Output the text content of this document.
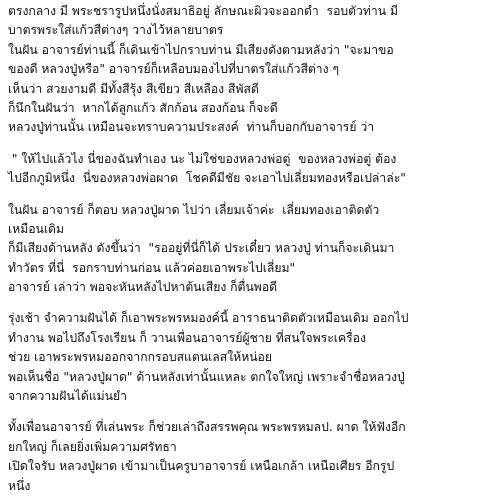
ตรงกลาง มี พระชรารูปหนึ่งนั่งสมาธิอยู่ ลักษณะผิวจะออกดำ  รอบตัวท่าน มี
บาตรพระใส่แก้วสีต่างๆ วางไว้หลายบาตร
ในฝัน อาจารย์ท่านนี้ ก็เดินเข้าไปกราบท่าน มีเสียงดังตามหลังว่า "จะมาขอ
ของดี หลวงปู่หรือ" อาจารย์ก็เหลือบมองไปที่บาตรใส่แก้วสีต่าง ๆ
เห็นว่า สวยงามดี มีทั้งสีรุ้ง สีเขียว สีเหลือง สีพัสตี
ก็นึกในฝันว่า  หากได้ลูกแก้ว สักก้อน สองก้อน ก็จะดี
หลวงปู่ท่านนั้น เหมือนจะทราบความประสงค์  ท่านก็บอกกับอาจารย์ ว่า
" ให้ไปแล้วไง นี่ของฉันทำเอง นะ ไม่ใช่ของหลวงพ่อตู่  ของหลวงพ่อตู่ ต้อง
ไปอีกภูมิหนึ่ง  นี่ของหลวงพ่อผาด  โชคดีมีชัย จะเอาไปเลี่ยมทองหรือเปล่าล่ะ"
ในฝัน อาจารย์ ก็ตอบ หลวงปู่ผาด ไปว่า เลี่ยมเจ้าค่ะ  เลี่ยมทองเอาติดตัว
เหมือนเดิม
ก็มีเสียงด้านหลัง ดังขึ้นว่า  "รออยู่ที่นี่ก็ได้ ประเดี๋ยว หลวงปู่ ท่านก็จะเดินมา
ทำวัตร ที่นี่  รอกราบท่านก่อน แล้วค่อยเอาพระไปเลี่ยม"
อาจารย์ เล่าว่า พอจะหันหลังไปหาต้นเสียง ก็ตื่นพอดี
รุ่งเช้า จำความฝันได้ ก็เอาพระพรหมองค์นี้ อาราธนาติดตัวเหมือนเดิม ออกไป
ทำงาน พอไปถึงโรงเรียน ก็ วานเพื่อนอาจารย์ผู้ชาย ที่สนใจพระเครื่อง
ช่วย เอาพระพรหมออกจากกรอบสแตนเลสให้หน่อย
พอเห็นชื่อ "หลวงปู่ผาด" ด้านหลังเท่านั้นแหละ ตกใจใหญ่ เพราะจำชื่อหลวงปู่
จากความฝันได้แม่นยำ
ทั้งเพื่อนอาจารย์ ที่เล่นพระ ก็ช่วยเล่าถึงสรรพคุณ พระพรหมลป. ผาด ให้ฟังอีก
ยกใหญ่ ก็เลยยิ่งเพิ่มความศรัทธา
เปิดใจรับ หลวงปู่ผาด เข้ามาเป็นครูบาอาจารย์ เหนือเกล้า เหนือเศียร อีกรูป
หนึ่ง
